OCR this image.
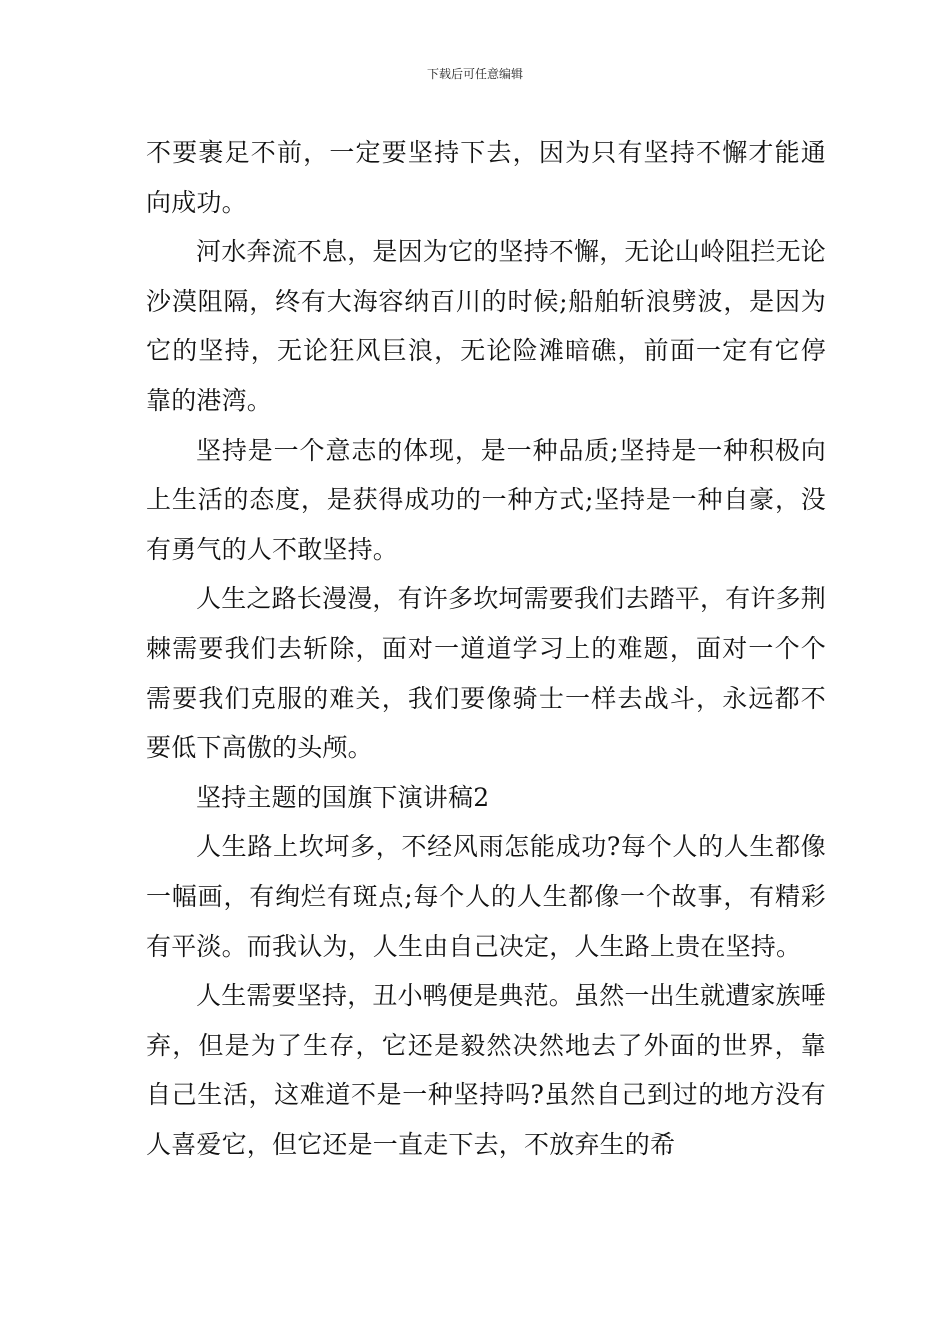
下载后可任意编辑

不要裹足不前，一定要坚持下去，因为只有坚持不懈才能通向成功。

河水奔流不息，是因为它的坚持不懈，无论山岭阻拦无论沙漠阻隔，终有大海容纳百川的时候;船舶斩浪劈波，是因为它的坚持，无论狂风巨浪，无论险滩暗礁，前面一定有它停靠的港湾。

坚持是一个意志的体现，是一种品质;坚持是一种积极向上生活的态度，是获得成功的一种方式;坚持是一种自豪，没有勇气的人不敢坚持。

人生之路长漫漫，有许多坎坷需要我们去踏平，有许多荆棘需要我们去斩除，面对一道道学习上的难题，面对一个个需要我们克服的难关，我们要像骑士一样去战斗，永远都不要低下高傲的头颅。

坚持主题的国旗下演讲稿2

人生路上坎坷多，不经风雨怎能成功?每个人的人生都像一幅画，有绚烂有斑点;每个人的人生都像一个故事，有精彩有平淡。而我认为，人生由自己决定，人生路上贵在坚持。

人生需要坚持，丑小鸭便是典范。虽然一出生就遭家族唾弃，但是为了生存，它还是毅然决然地去了外面的世界，靠自己生活，这难道不是一种坚持吗?虽然自己到过的地方没有人喜爱它，但它还是一直走下去，不放弃生的希
